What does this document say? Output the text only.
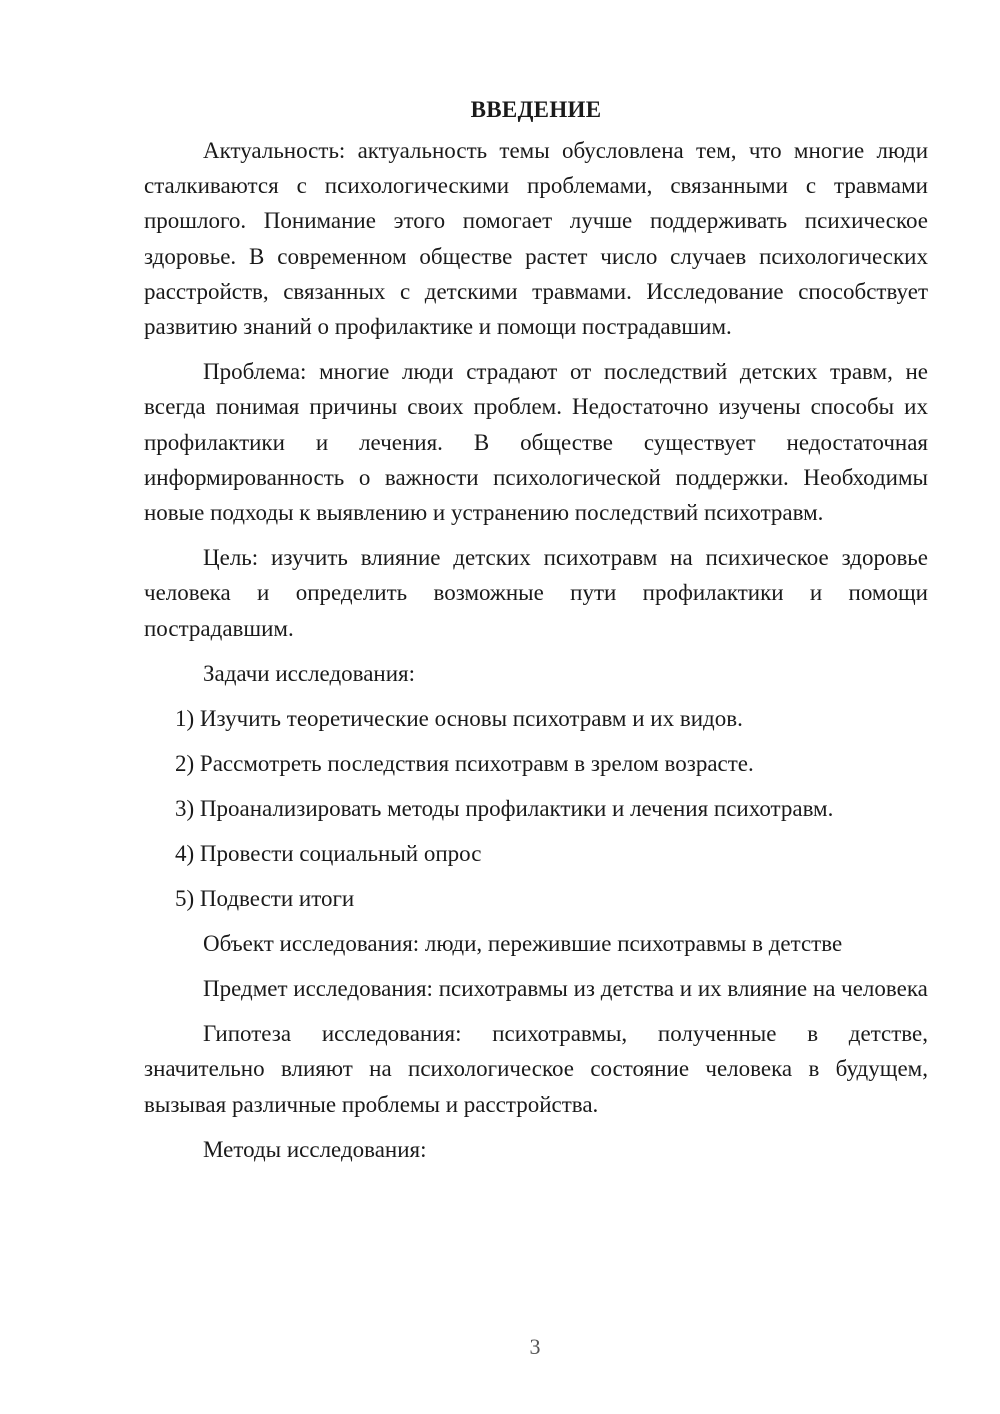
ВВЕДЕНИЕ

Актуальность: актуальность темы обусловлена тем, что многие люди сталкиваются с психологическими проблемами, связанными с травмами прошлого. Понимание этого помогает лучше поддерживать психическое здоровье. В современном обществе растет число случаев психологических расстройств, связанных с детскими травмами. Исследование способствует развитию знаний о профилактике и помощи пострадавшим.

Проблема: многие люди страдают от последствий детских травм, не всегда понимая причины своих проблем. Недостаточно изучены способы их профилактики и лечения. В обществе существует недостаточная информированность о важности психологической поддержки. Необходимы новые подходы к выявлению и устранению последствий психотравм.

Цель: изучить влияние детских психотравм на психическое здоровье человека и определить возможные пути профилактики и помощи пострадавшим.

Задачи исследования:

1) Изучить теоретические основы психотравм и их видов.
2) Рассмотреть последствия психотравм в зрелом возрасте.
3) Проанализировать методы профилактики и лечения психотравм.
4) Провести социальный опрос
5) Подвести итоги

Объект исследования: люди, пережившие психотравмы в детстве

Предмет исследования: психотравмы из детства и их влияние на человека

Гипотеза исследования: психотравмы, полученные в детстве, значительно влияют на психологическое состояние человека в будущем, вызывая различные проблемы и расстройства.

Методы исследования:

3
